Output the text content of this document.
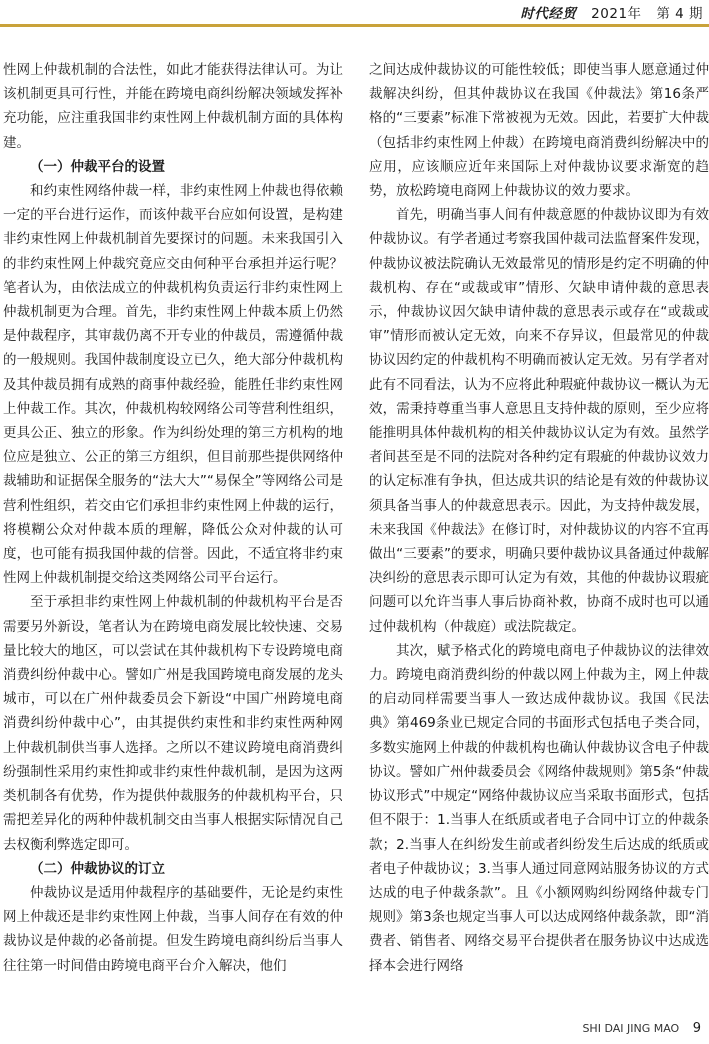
时代经贸 2021年 第 4 期

性网上仲裁机制的合法性，如此才能获得法律认可。为让该机制更具可行性，并能在跨境电商纠纷解决领域发挥补充功能，应注重我国非约束性网上仲裁机制方面的具体构建。

（一）仲裁平台的设置

和约束性网络仲裁一样，非约束性网上仲裁也得依赖一定的平台进行运作，而该仲裁平台应如何设置，是构建非约束性网上仲裁机制首先要探讨的问题。未来我国引入的非约束性网上仲裁究竟应交由何种平台承担并运行呢？笔者认为，由依法成立的仲裁机构负责运行非约束性网上仲裁机制更为合理。首先，非约束性网上仲裁本质上仍然是仲裁程序，其审裁仍离不开专业的仲裁员，需遵循仲裁的一般规则。我国仲裁制度设立已久，绝大部分仲裁机构及其仲裁员拥有成熟的商事仲裁经验，能胜任非约束性网上仲裁工作。其次，仲裁机构较网络公司等营利性组织，更具公正、独立的形象。作为纠纷处理的第三方机构的地位应是独立、公正的第三方组织，但目前那些提供网络仲裁辅助和证据保全服务的“法大大”“易保全”等网络公司是营利性组织，若交由它们承担非约束性网上仲裁的运行，将模糊公众对仲裁本质的理解，降低公众对仲裁的认可度，也可能有损我国仲裁的信誉。因此，不适宜将非约束性网上仲裁机制提交给这类网络公司平台运行。

至于承担非约束性网上仲裁机制的仲裁机构平台是否需要另外新设，笔者认为在跨境电商发展比较快速、交易量比较大的地区，可以尝试在其仲裁机构下专设跨境电商消费纠纷仲裁中心。譬如广州是我国跨境电商发展的龙头城市，可以在广州仲裁委员会下新设“中国广州跨境电商消费纠纷仲裁中心”，由其提供约束性和非约束性两种网上仲裁机制供当事人选择。之所以不建议跨境电商消费纠纷强制性采用约束性抑或非约束性仲裁机制，是因为这两类机制各有优势，作为提供仲裁服务的仲裁机构平台，只需把差异化的两种仲裁机制交由当事人根据实际情况自己去权衡利弊选定即可。

（二）仲裁协议的订立

仲裁协议是适用仲裁程序的基础要件，无论是约束性网上仲裁还是非约束性网上仲裁，当事人间存在有效的仲裁协议是仲裁的必备前提。但发生跨境电商纠纷后当事人往往第一时间借由跨境电商平台介入解决，他们

之间达成仲裁协议的可能性较低；即使当事人愿意通过仲裁解决纠纷，但其仲裁协议在我国《仲裁法》第16条严格的“三要素”标准下常被视为无效。因此，若要扩大仲裁（包括非约束性网上仲裁）在跨境电商消费纠纷解决中的应用，应该顺应近年来国际上对仲裁协议要求渐宽的趋势，放松跨境电商网上仲裁协议的效力要求。

首先，明确当事人间有仲裁意愿的仲裁协议即为有效仲裁协议。有学者通过考察我国仲裁司法监督案件发现，仲裁协议被法院确认无效最常见的情形是约定不明确的仲裁机构、存在“或裁或审”情形、欠缺申请仲裁的意思表示，仲裁协议因欠缺申请仲裁的意思表示或存在“或裁或审”情形而被认定无效，向来不存异议，但最常见的仲裁协议因约定的仲裁机构不明确而被认定无效。另有学者对此有不同看法，认为不应将此种瑕疵仲裁协议一概认为无效，需秉持尊重当事人意思且支持仲裁的原则，至少应将能推明具体仲裁机构的相关仲裁协议认定为有效。虽然学者间甚至是不同的法院对各种约定有瑕疵的仲裁协议效力的认定标准有争执，但达成共识的结论是有效的仲裁协议须具备当事人的仲裁意思表示。因此，为支持仲裁发展，未来我国《仲裁法》在修订时，对仲裁协议的内容不宜再做出“三要素”的要求，明确只要仲裁协议具备通过仲裁解决纠纷的意思表示即可认定为有效，其他的仲裁协议瑕疵问题可以允许当事人事后协商补救，协商不成时也可以通过仲裁机构（仲裁庭）或法院裁定。

其次，赋予格式化的跨境电商电子仲裁协议的法律效力。跨境电商消费纠纷的仲裁以网上仲裁为主，网上仲裁的启动同样需要当事人一致达成仲裁协议。我国《民法典》第469条业已规定合同的书面形式包括电子类合同，多数实施网上仲裁的仲裁机构也确认仲裁协议含电子仲裁协议。譬如广州仲裁委员会《网络仲裁规则》第5条“仲裁协议形式”中规定“网络仲裁协议应当采取书面形式，包括但不限于：1.当事人在纸质或者电子合同中订立的仲裁条款；2.当事人在纠纷发生前或者纠纷发生后达成的纸质或者电子仲裁协议；3.当事人通过同意网站服务协议的方式达成的电子仲裁条款”。且《小额网购纠纷网络仲裁专门规则》第3条也规定当事人可以达成网络仲裁条款，即“消费者、销售者、网络交易平台提供者在服务协议中达成选择本会进行网络

SHI DAI JING MAO 9
